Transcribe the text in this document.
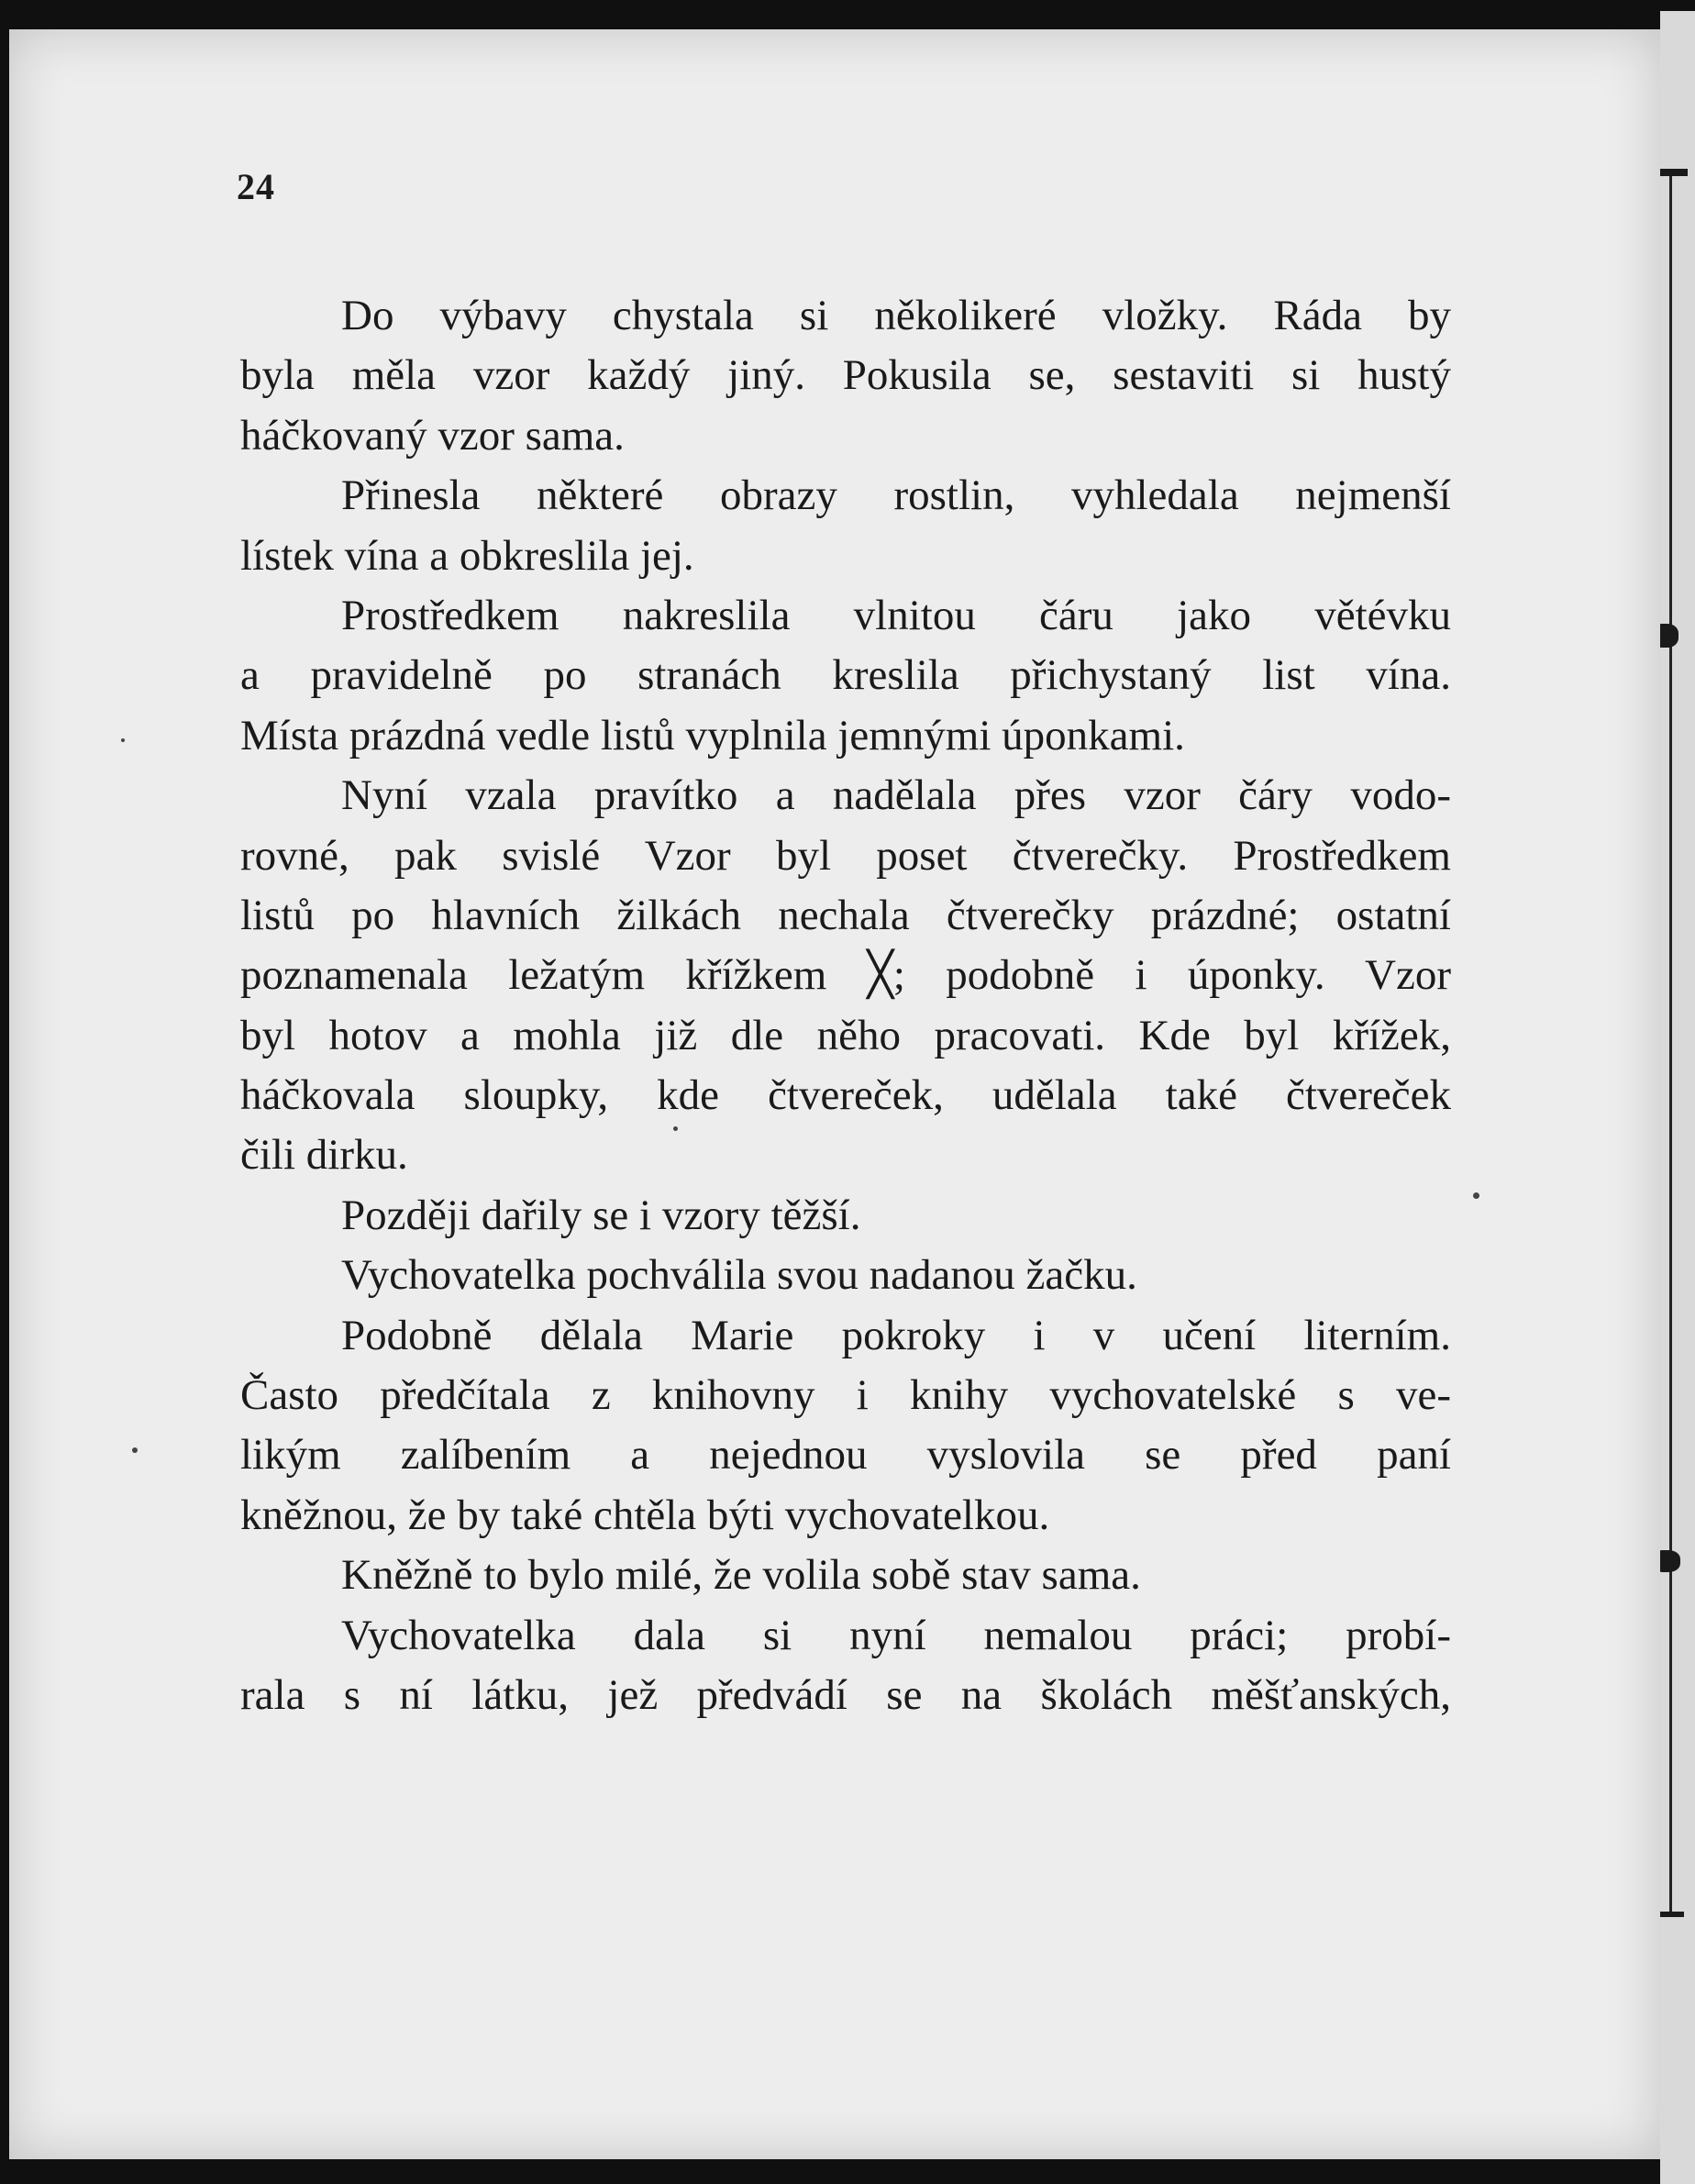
24
Do výbavy chystala si několikeré vložky. Ráda by
byla měla vzor každý jiný. Pokusila se, sestaviti si hustý
háčkovaný vzor sama.
Přinesla některé obrazy rostlin, vyhledala nejmenší
lístek vína a obkreslila jej.
Prostředkem nakreslila vlnitou čáru jako větévku
a pravidelně po stranách kreslila přichystaný list vína.
Místa prázdná vedle listů vyplnila jemnými úponkami.
Nyní vzala pravítko a nadělala přes vzor čáry vodo-
rovné, pak svislé Vzor byl poset čtverečky. Prostředkem
listů po hlavních žilkách nechala čtverečky prázdné; ostatní
poznamenala ležatým křížkem ╳; podobně i úponky. Vzor
byl hotov a mohla již dle něho pracovati. Kde byl křížek,
háčkovala sloupky, kde čtvereček, udělala také čtvereček
čili dirku.
Později dařily se i vzory těžší.
Vychovatelka pochválila svou nadanou žačku.
Podobně dělala Marie pokroky i v učení literním.
Často předčítala z knihovny i knihy vychovatelské s ve-
likým zalíbením a nejednou vyslovila se před paní
kněžnou, že by také chtěla býti vychovatelkou.
Kněžně to bylo milé, že volila sobě stav sama.
Vychovatelka dala si nyní nemalou práci; probí-
rala s ní látku, jež předvádí se na školách měšťanských,
